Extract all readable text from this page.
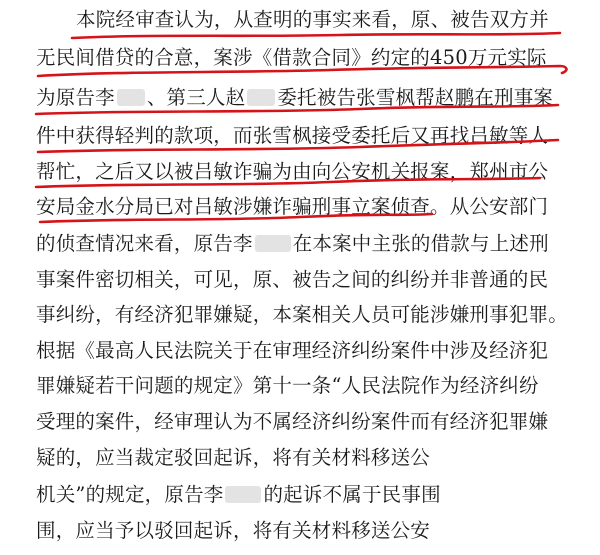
本院经审查认为，从查明的事实来看，原、被告双方并
无民间借贷的合意，案涉《借款合同》约定的450万元实际
为原告李 、第三人赵 委托被告张雪枫帮赵鹏在刑事案
件中获得轻判的款项，而张雪枫接受委托后又再找吕敏等人
帮忙，之后又以被吕敏诈骗为由向公安机关报案，郑州市公
安局金水分局已对吕敏涉嫌诈骗刑事立案侦查。从公安部门
的侦查情况来看，原告李 在本案中主张的借款与上述刑
事案件密切相关，可见，原、被告之间的纠纷并非普通的民
事纠纷，有经济犯罪嫌疑，本案相关人员可能涉嫌刑事犯罪。
根据《最高人民法院关于在审理经济纠纷案件中涉及经济犯
罪嫌疑若干问题的规定》第十一条“人民法院作为经济纠纷
受理的案件，经审理认为不属经济纠纷案件而有经济犯罪嫌
疑的，应当裁定驳回起诉，将有关材料移送公
机关”的规定，原告李 的起诉不属于民事围
围，应当予以驳回起诉，将有关材料移送公安
